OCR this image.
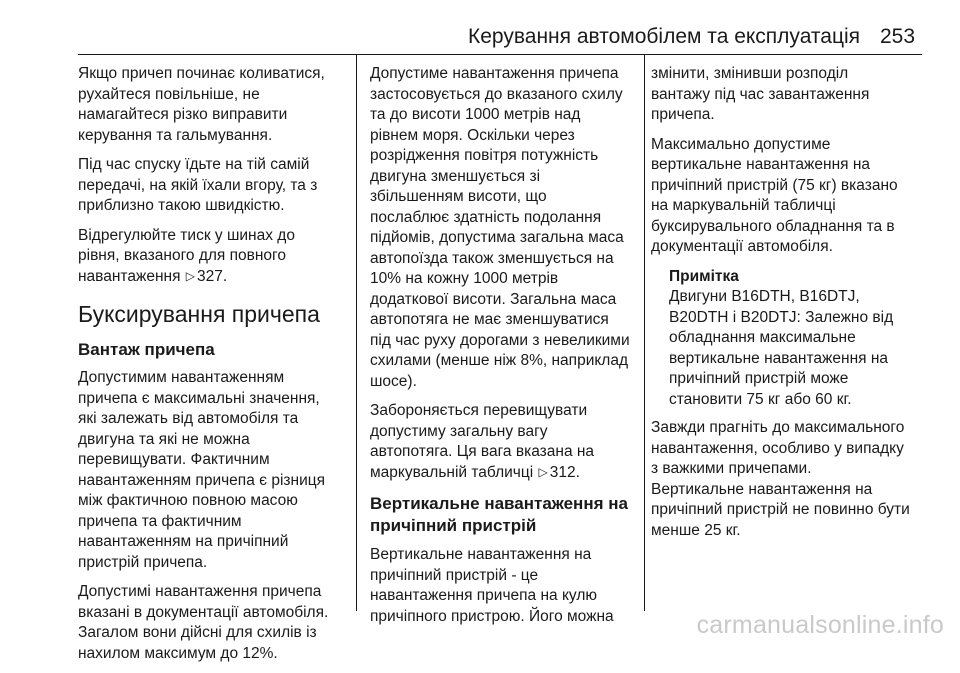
Керування автомобілем та експлуатація 253

Якщо причеп починає коливатися,
рухайтеся повільніше, не
намагайтеся різко виправити
керування та гальмування.

Під час спуску їдьте на тій самій
передачі, на якій їхали вгору, та з
приблизно такою швидкістю.

Відрегулюйте тиск у шинах до
рівня, вказаного для повного
навантаження ▷ 327.

Буксирування причепа
Вантаж причепа

Допустимим навантаженням
причепа є максимальні значення,
які залежать від автомобіля та
двигуна та які не можна
перевищувати. Фактичним
навантаженням причепа є різниця
між фактичною повною масою
причепа та фактичним
навантаженням на причіпний
пристрій причепа.

Допустимі навантаження причепа
вказані в документації автомобіля.
Загалом вони дійсні для схилів із
нахилом максимум до 12%.

Допустиме навантаження причепа
застосовується до вказаного схилу
та до висоти 1000 метрів над
рівнем моря. Оскільки через
розрідження повітря потужність
двигуна зменшується зі
збільшенням висоти, що
послаблює здатність подолання
підйомів, допустима загальна маса
автопоїзда також зменшується на
10% на кожну 1000 метрів
додаткової висоти. Загальна маса
автопотяга не має зменшуватися
під час руху дорогами з невеликими
схилами (менше ніж 8%, наприклад
шосе).

Забороняється перевищувати
допустиму загальну вагу
автопотяга. Ця вага вказана на
маркувальній табличці ▷ 312.

Вертикальне навантаження на
причіпний пристрій

Вертикальне навантаження на
причіпний пристрій - це
навантаження причепа на кулю
причіпного пристрою. Його можна

змінити, змінивши розподіл
вантажу під час завантаження
причепа.

Максимально допустиме
вертикальне навантаження на
причіпний пристрій (75 кг) вказано
на маркувальній табличці
буксирувального обладнання та в
документації автомобіля.

Примітка

Двигуни B16DTH, B16DTJ,
B20DTH і B20DTJ: Залежно від
обладнання максимальне
вертикальне навантаження на
причіпний пристрій може
становити 75 кг або 60 кг.

Завжди прагніть до максимального
навантаження, особливо у випадку
з важкими причепами.

Вертикальне навантаження на
причіпний пристрій не повинно бути
менше 25 кг.

carmanualsonline.info
